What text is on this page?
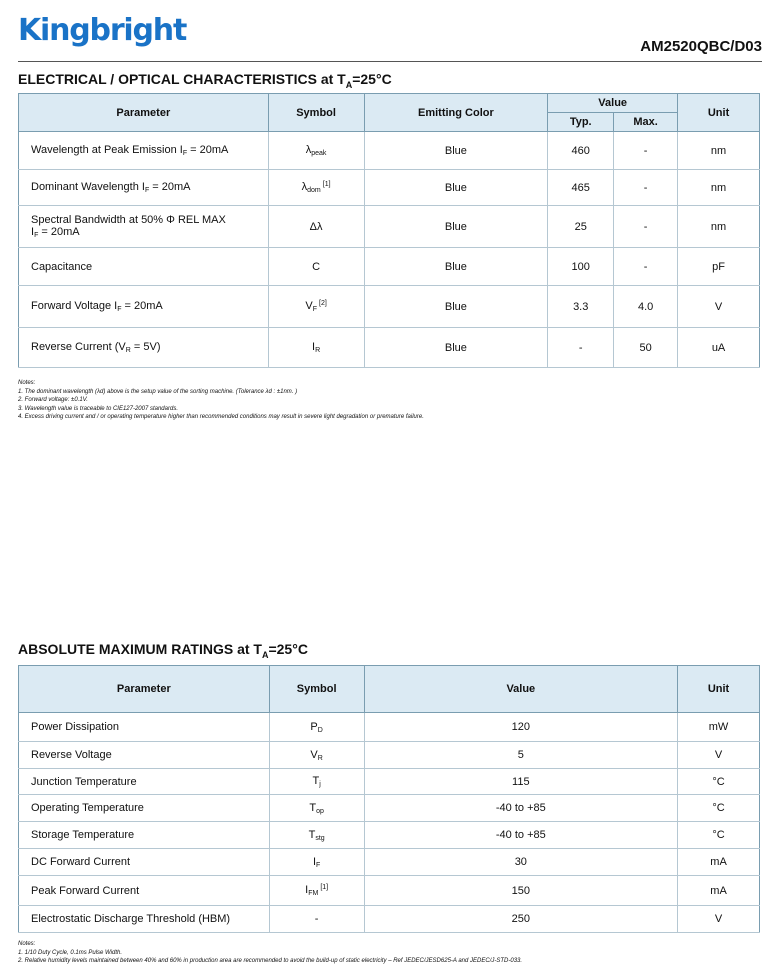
Kingbright	AM2520QBC/D03
ELECTRICAL / OPTICAL CHARACTERISTICS at $T_A=25^\circ C$
Parameter	Symbol	Emitting Color	Value		Unit
			Typ.	Max.	
Wavelength at Peak Emission $I_F = 20mA$	$\lambda_{peak}$	Blue	460	-	nm
Dominant Wavelength $I_F = 20mA$	$\lambda_{dom}[1]$	Blue	465	-	nm
Spectral Bandwidth at 50% Φ REL MAX
$I_F = 20mA$	Δλ	Blue	25	-	nm
Capacitance	C	Blue	100	-	pF
Forward Voltage $I_F = 20mA$	$V_F[2]$	Blue	3.3	4.0	V
Reverse Current $(V_R = 5V)$	$I_R$	Blue	-	50	uA
Notes:
1. The dominant wavelength (λd) above is the setup value of the sorting machine. (Tolerance λd : ±1nm. )
2. Forward voltage: ±0.1V.
3. Wavelength value is traceable to CIE127-2007 standards.
4. Excess driving current and / or operating temperature higher than recommended conditions may result in severe light degradation or premature failure.
ABSOLUTE MAXIMUM RATINGS at $T_A=25^\circ C$
Parameter	Symbol	Value	Unit
Power Dissipation	$P_D$	120	mW
Reverse Voltage	$V_R$	5	V
Junction Temperature	$T_j$	115	°C
Operating Temperature	$T_{op}$	-40 to +85	°C
Storage Temperature	$T_{stg}$	-40 to +85	°C
DC Forward Current	$I_F$	30	mA
Peak Forward Current	$I_{FM}[1]$	150	mA
Electrostatic Discharge Threshold (HBM)	-	250	V
Notes:
1. 1/10 Duty Cycle, 0.1ms Pulse Width.
2. Relative humidity levels maintained between 40% and 60% in production area are recommended to avoid the build-up of static electricity – Ref JEDEC/JESD625-A and JEDEC/J-STD-033.
